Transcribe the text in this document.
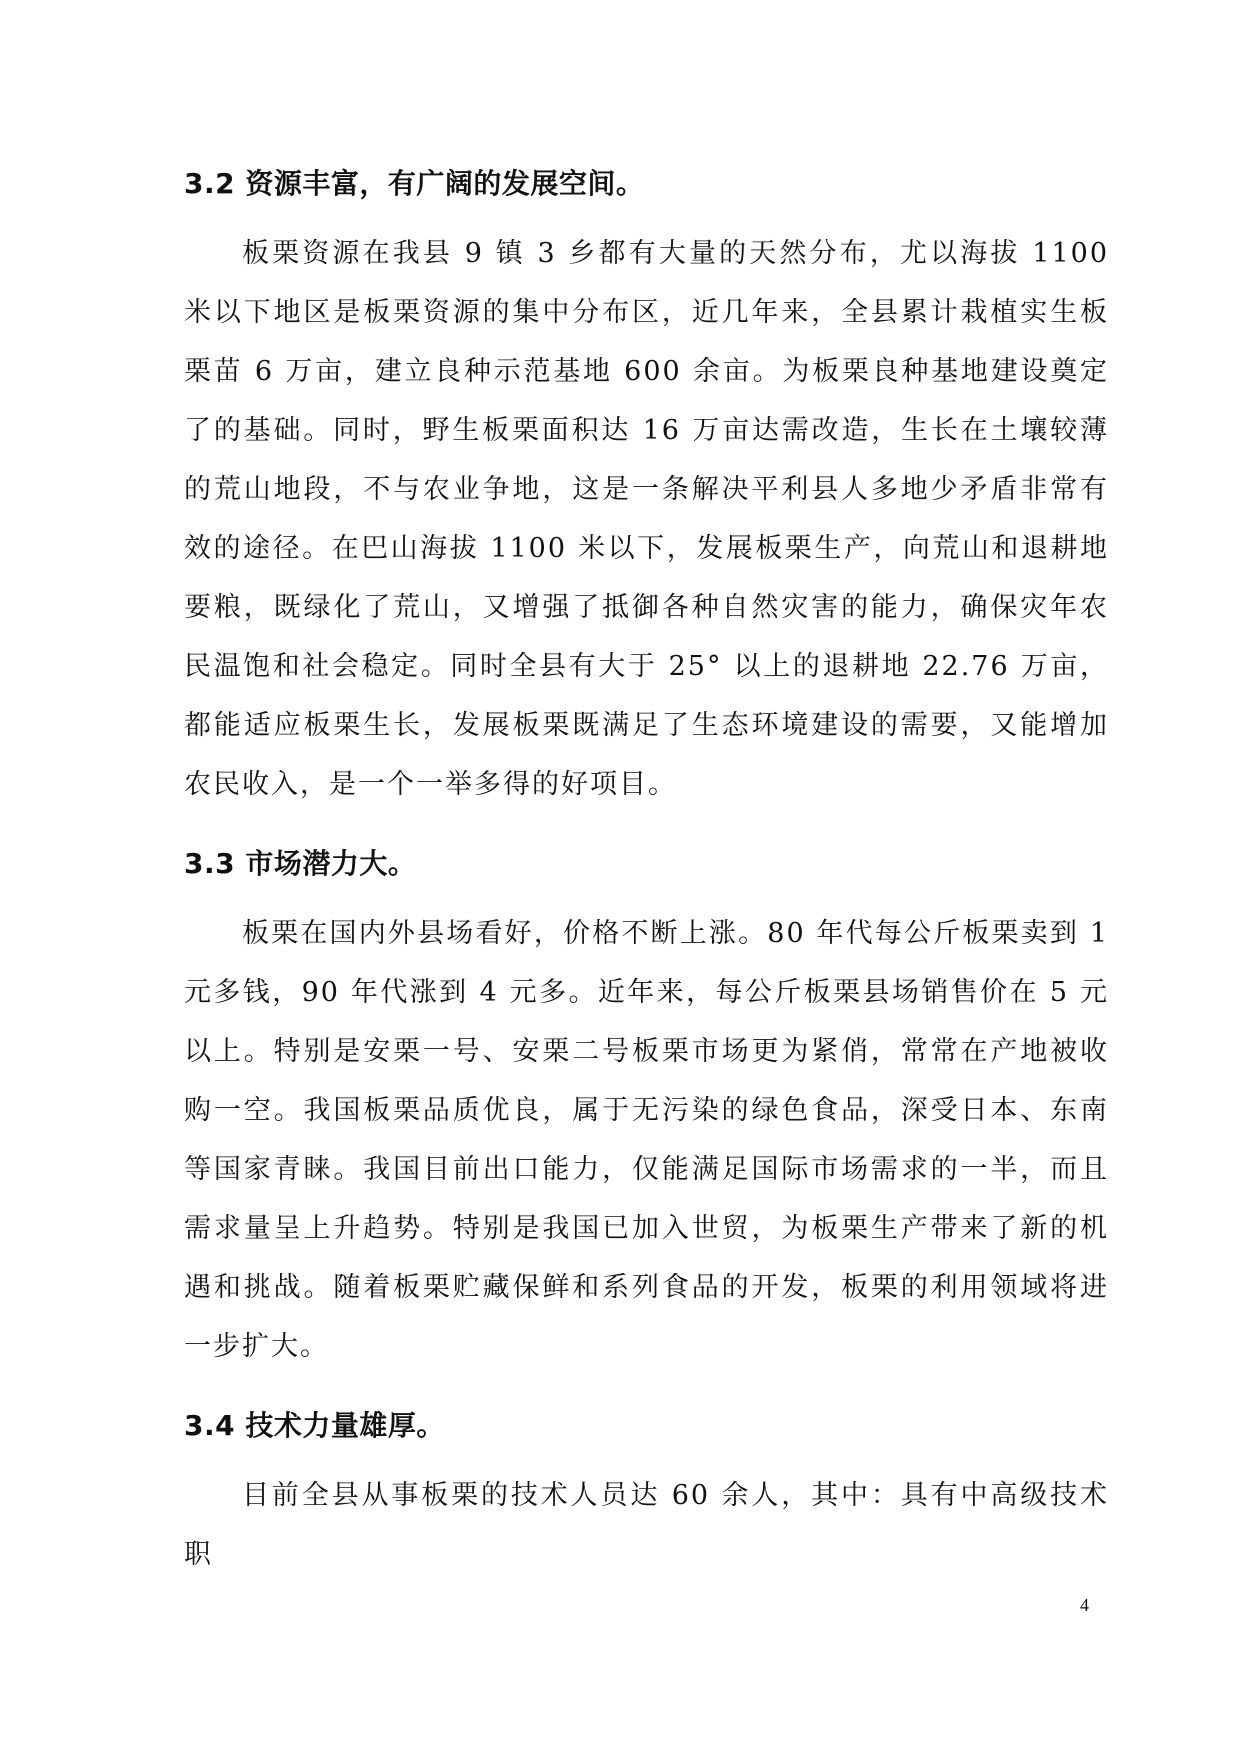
3.2 资源丰富，有广阔的发展空间。

板栗资源在我县 9 镇 3 乡都有大量的天然分布，尤以海拔 1100 米以下地区是板栗资源的集中分布区，近几年来，全县累计栽植实生板栗苗 6 万亩，建立良种示范基地 600 余亩。为板栗良种基地建设奠定了的基础。同时，野生板栗面积达 16 万亩达需改造，生长在土壤较薄的荒山地段，不与农业争地，这是一条解决平利县人多地少矛盾非常有效的途径。在巴山海拔 1100 米以下，发展板栗生产，向荒山和退耕地要粮，既绿化了荒山，又增强了抵御各种自然灾害的能力，确保灾年农民温饱和社会稳定。同时全县有大于 25° 以上的退耕地 22.76 万亩，都能适应板栗生长，发展板栗既满足了生态环境建设的需要，又能增加农民收入，是一个一举多得的好项目。

3.3 市场潜力大。

板栗在国内外县场看好，价格不断上涨。80 年代每公斤板栗卖到 1 元多钱，90 年代涨到 4 元多。近年来，每公斤板栗县场销售价在 5 元以上。特别是安栗一号、安栗二号板栗市场更为紧俏，常常在产地被收购一空。我国板栗品质优良，属于无污染的绿色食品，深受日本、东南等国家青睐。我国目前出口能力，仅能满足国际市场需求的一半，而且需求量呈上升趋势。特别是我国已加入世贸，为板栗生产带来了新的机遇和挑战。随着板栗贮藏保鲜和系列食品的开发，板栗的利用领域将进一步扩大。

3.4 技术力量雄厚。

目前全县从事板栗的技术人员达 60 余人，其中：具有中高级技术职

4
